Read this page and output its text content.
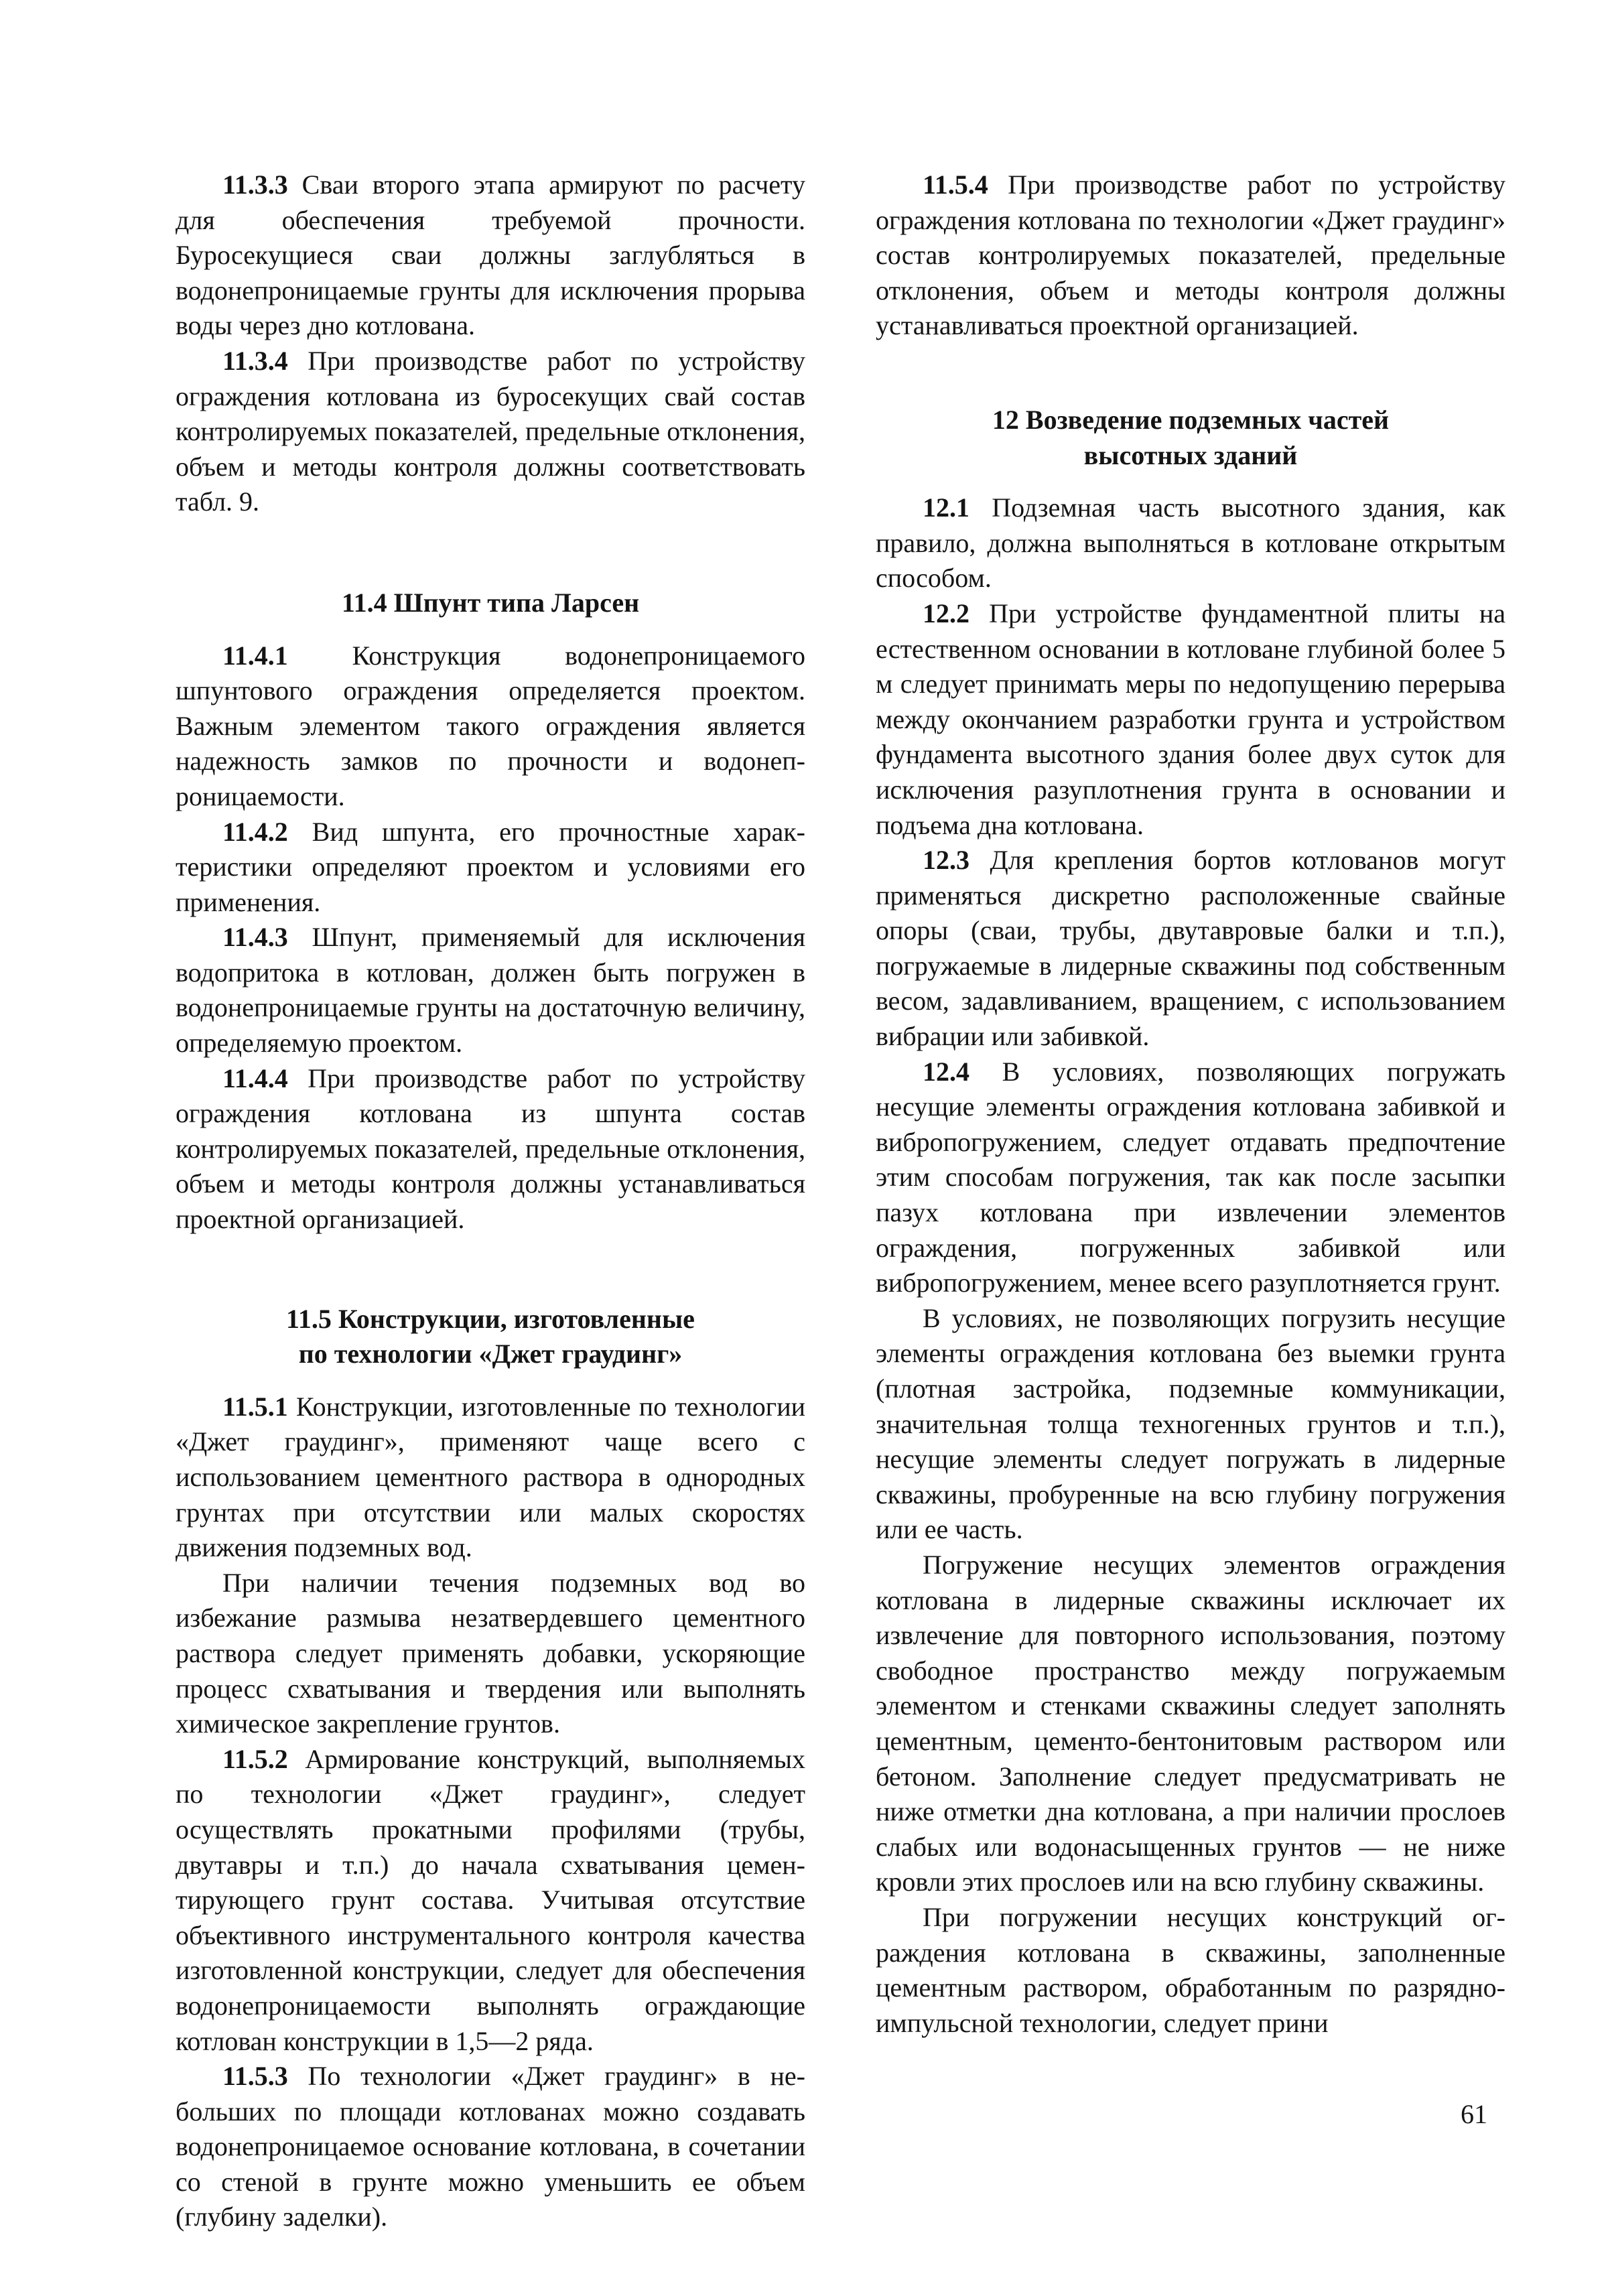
11.3.3 Сваи второго этапа армируют по расчету для обеспечения требуемой прочности. Буросекущиеся сваи должны заглубляться в водонепроницаемые грунты для исключения прорыва воды через дно котлована.

11.3.4 При производстве работ по устройству ограждения котлована из буросекущих свай состав контролируемых показателей, предельные отклонения, объем и методы контроля должны соответствовать табл. 9.

11.4 Шпунт типа Ларсен

11.4.1 Конструкция водонепроницаемого шпунтового ограждения определяется проектом. Важным элементом такого ограждения является надежность замков по прочности и водонепроницаемости.

11.4.2 Вид шпунта, его прочностные характеристики определяют проектом и условиями его применения.

11.4.3 Шпунт, применяемый для исключения водопритока в котлован, должен быть погружен в водонепроницаемые грунты на достаточную величину, определяемую проектом.

11.4.4 При производстве работ по устройству ограждения котлована из шпунта состав контролируемых показателей, предельные отклонения, объем и методы контроля должны устанавливаться проектной организацией.

11.5 Конструкции, изготовленные
по технологии «Джет граудинг»

11.5.1 Конструкции, изготовленные по технологии «Джет граудинг», применяют чаще всего с использованием цементного раствора в однородных грунтах при отсутствии или малых скоростях движения подземных вод.

При наличии течения подземных вод во избежание размыва незатвердевшего цементного раствора следует применять добавки, ускоряющие процесс схватывания и твердения или выполнять химическое закрепление грунтов.

11.5.2 Армирование конструкций, выполняемых по технологии «Джет граудинг», следует осуществлять прокатными профилями (трубы, двутавры и т.п.) до начала схватывания цементирующего грунт состава. Учитывая отсутствие объективного инструментального контроля качества изготовленной конструкции, следует для обеспечения водонепроницаемости выполнять ограждающие котлован конструкции в 1,5—2 ряда.

11.5.3 По технологии «Джет граудинг» в небольших по площади котлованах можно создавать водонепроницаемое основание котлована, в сочетании со стеной в грунте можно уменьшить ее объем (глубину заделки).

11.5.4 При производстве работ по устройству ограждения котлована по технологии «Джет граудинг» состав контролируемых показателей, предельные отклонения, объем и методы контроля должны устанавливаться проектной организацией.

12 Возведение подземных частей
высотных зданий

12.1 Подземная часть высотного здания, как правило, должна выполняться в котловане открытым способом.

12.2 При устройстве фундаментной плиты на естественном основании в котловане глубиной более 5 м следует принимать меры по недопущению перерыва между окончанием разработки грунта и устройством фундамента высотного здания более двух суток для исключения разуплотнения грунта в основании и подъема дна котлована.

12.3 Для крепления бортов котлованов могут применяться дискретно расположенные свайные опоры (сваи, трубы, двутавровые балки и т.п.), погружаемые в лидерные скважины под собственным весом, задавливанием, вращением, с использованием вибрации или забивкой.

12.4 В условиях, позволяющих погружать несущие элементы ограждения котлована забивкой и вибропогружением, следует отдавать предпочтение этим способам погружения, так как после засыпки пазух котлована при извлечении элементов ограждения, погруженных забивкой или вибропогружением, менее всего разуплотняется грунт.

В условиях, не позволяющих погрузить несущие элементы ограждения котлована без выемки грунта (плотная застройка, подземные коммуникации, значительная толща техногенных грунтов и т.п.), несущие элементы следует погружать в лидерные скважины, пробуренные на всю глубину погружения или ее часть.

Погружение несущих элементов ограждения котлована в лидерные скважины исключает их извлечение для повторного использования, поэтому свободное пространство между погружаемым элементом и стенками скважины следует заполнять цементным, цементо-бентонитовым раствором или бетоном. Заполнение следует предусматривать не ниже отметки дна котлована, а при наличии прослоев слабых или водонасыщенных грунтов — не ниже кровли этих прослоев или на всю глубину скважины.

При погружении несущих конструкций ограждения котлована в скважины, заполненные цементным раствором, обработанным по разрядно-импульсной технологии, следует прини

61
